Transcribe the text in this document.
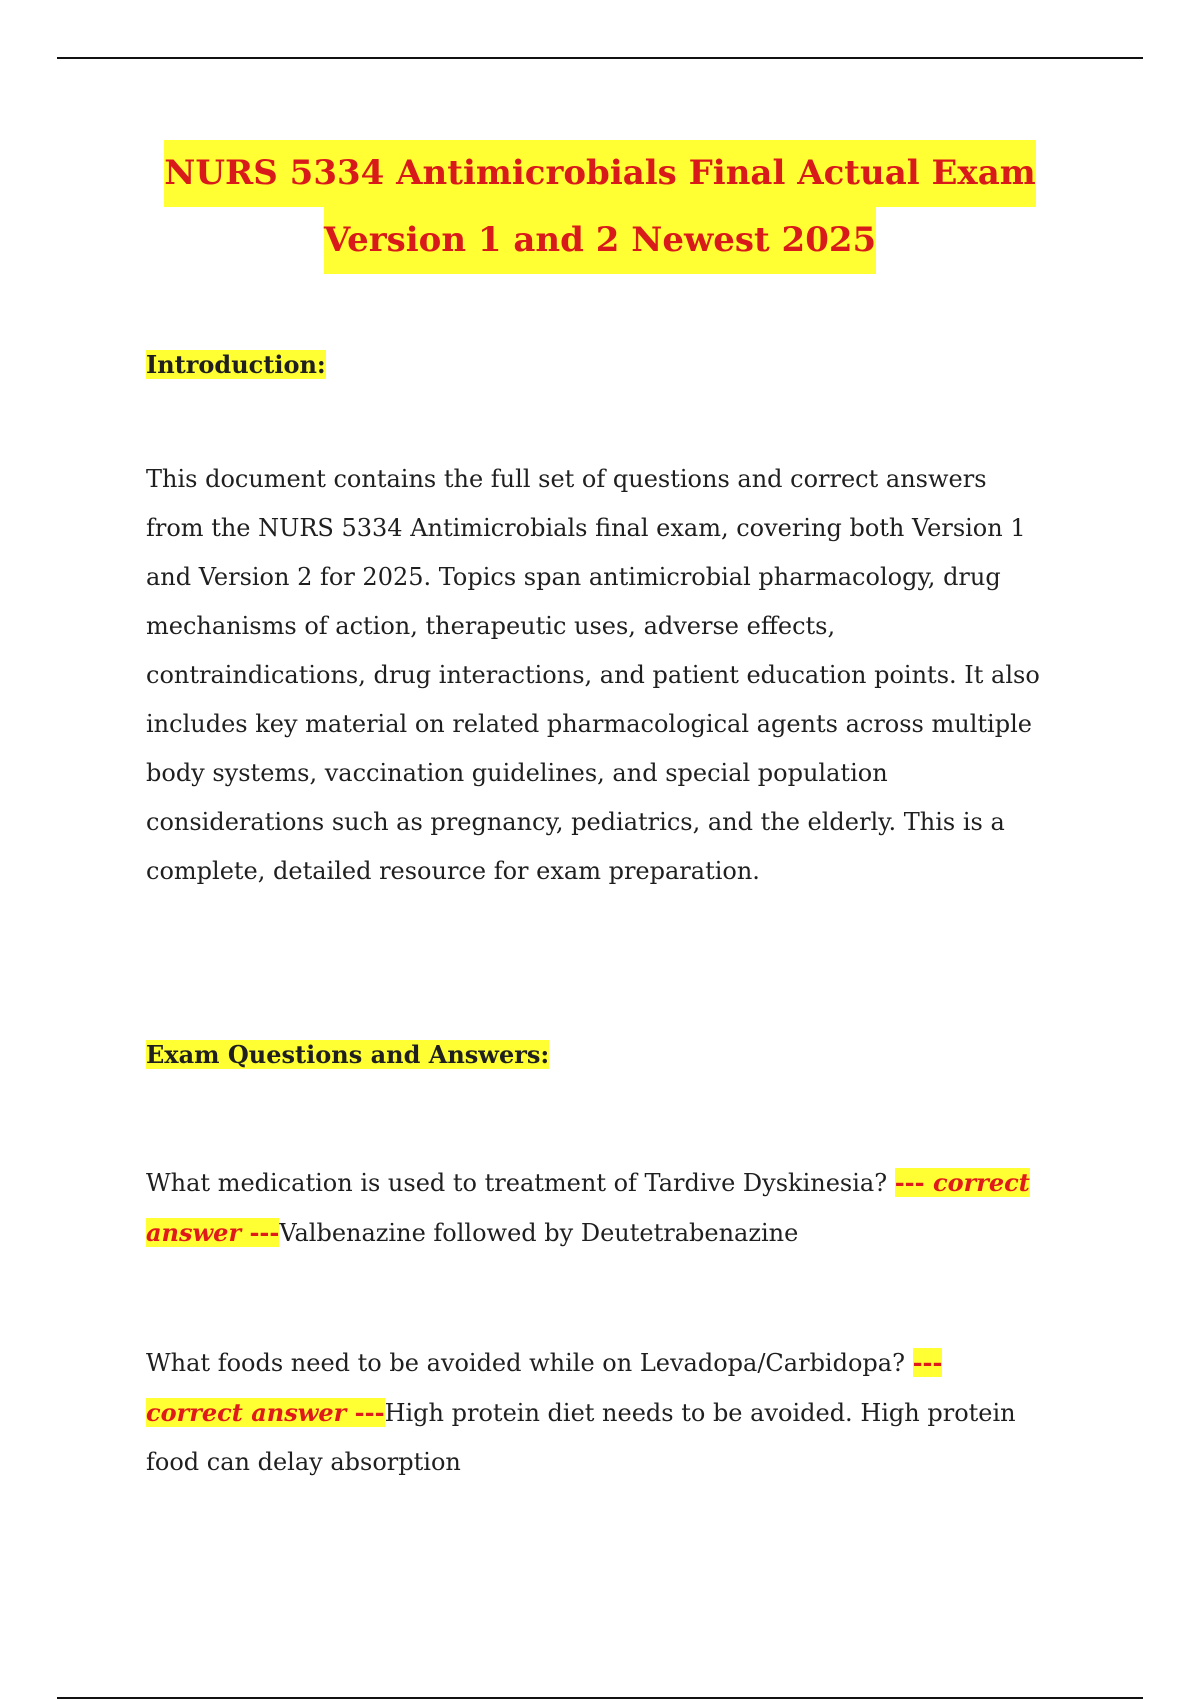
NURS 5334 Antimicrobials Final Actual Exam
Version 1 and 2 Newest 2025
Introduction:
This document contains the full set of questions and correct answers from the NURS 5334 Antimicrobials final exam, covering both Version 1 and Version 2 for 2025. Topics span antimicrobial pharmacology, drug mechanisms of action, therapeutic uses, adverse effects, contraindications, drug interactions, and patient education points. It also includes key material on related pharmacological agents across multiple body systems, vaccination guidelines, and special population considerations such as pregnancy, pediatrics, and the elderly. This is a complete, detailed resource for exam preparation.
Exam Questions and Answers:
What medication is used to treatment of Tardive Dyskinesia? --- correct answer ---Valbenazine followed by Deutetrabenazine
What foods need to be avoided while on Levadopa/Carbidopa? --- correct answer ---High protein diet needs to be avoided. High protein food can delay absorption
